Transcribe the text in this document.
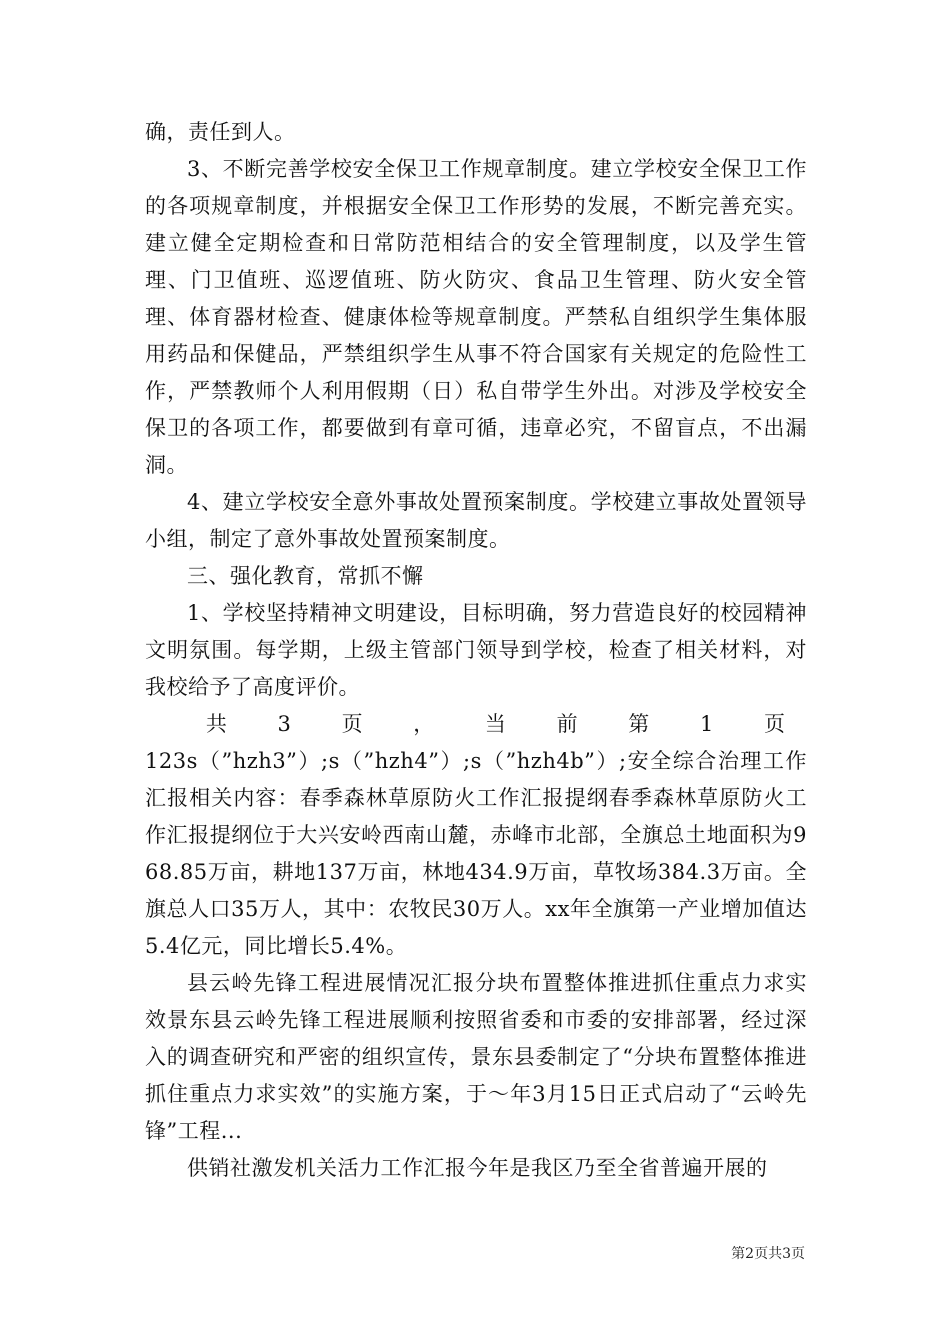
确，责任到人。

3、不断完善学校安全保卫工作规章制度。建立学校安全保卫工作的各项规章制度，并根据安全保卫工作形势的发展，不断完善充实。建立健全定期检查和日常防范相结合的安全管理制度，以及学生管理、门卫值班、巡逻值班、防火防灾、食品卫生管理、防火安全管理、体育器材检查、健康体检等规章制度。严禁私自组织学生集体服用药品和保健品，严禁组织学生从事不符合国家有关规定的危险性工作，严禁教师个人利用假期（日）私自带学生外出。对涉及学校安全保卫的各项工作，都要做到有章可循，违章必究，不留盲点，不出漏洞。

4、建立学校安全意外事故处置预案制度。学校建立事故处置领导小组，制定了意外事故处置预案制度。

三、强化教育，常抓不懈

1、学校坚持精神文明建设，目标明确，努力营造良好的校园精神文明氛围。每学期，上级主管部门领导到学校，检查了相关材料，对我校给予了高度评价。

共 3 页 ， 当 前 第 1 页

123s（”hzh3”）;s（”hzh4”）;s（”hzh4b”）;安全综合治理工作汇报相关内容：春季森林草原防火工作汇报提纲春季森林草原防火工作汇报提纲位于大兴安岭西南山麓，赤峰市北部，全旗总土地面积为968.85万亩，耕地137万亩，林地434.9万亩，草牧场384.3万亩。全旗总人口35万人，其中：农牧民30万人。xx年全旗第一产业增加值达5.4亿元，同比增长5.4%。

县云岭先锋工程进展情况汇报分块布置整体推进抓住重点力求实效景东县云岭先锋工程进展顺利按照省委和市委的安排部署，经过深入的调查研究和严密的组织宣传，景东县委制定了“分块布置整体推进抓住重点力求实效”的实施方案，于～年3月15日正式启动了“云岭先锋”工程...

供销社激发机关活力工作汇报今年是我区乃至全省普遍开展的

第2页共3页
